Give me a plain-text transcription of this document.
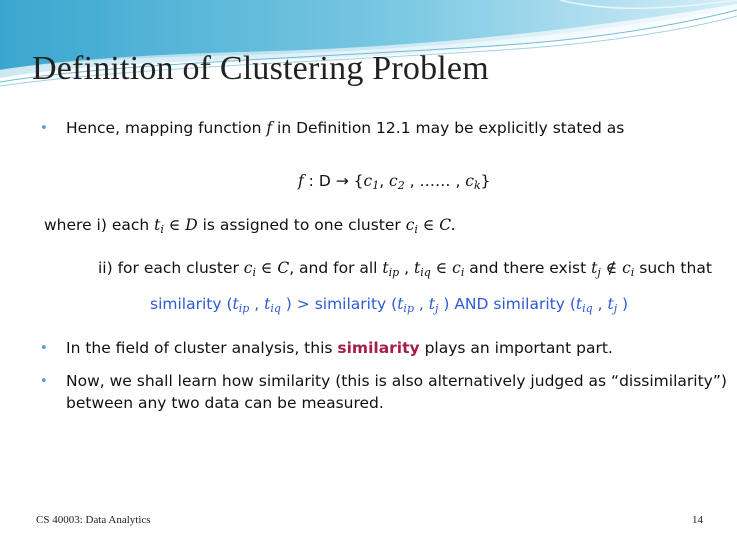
Definition of Clustering Problem
• Hence, mapping function f in Definition 12.1 may be explicitly stated as
f : $D \to \{c_1$, $c_2$ , …… , $c_k$}
where i) each $t_i$ ∈ D is assigned to one cluster $c_i$ ∈ C.
ii) for each cluster $c_i$ ∈ C, and for all $t_{ip}$ , $t_{iq}$ ∈ $c_i$ and there exist $t_j$ ∉ $c_i$ such that
similarity ($t_{ip}$ , $t_{iq}$ ) > similarity ($t_{ip}$ , $t_j$ ) AND similarity ($t_{iq}$ , $t_j$ )
• In the field of cluster analysis, this similarity plays an important part.
• Now, we shall learn how similarity (this is also alternatively judged as “dissimilarity”)
between any two data can be measured.
CS 40003: Data Analytics	14
